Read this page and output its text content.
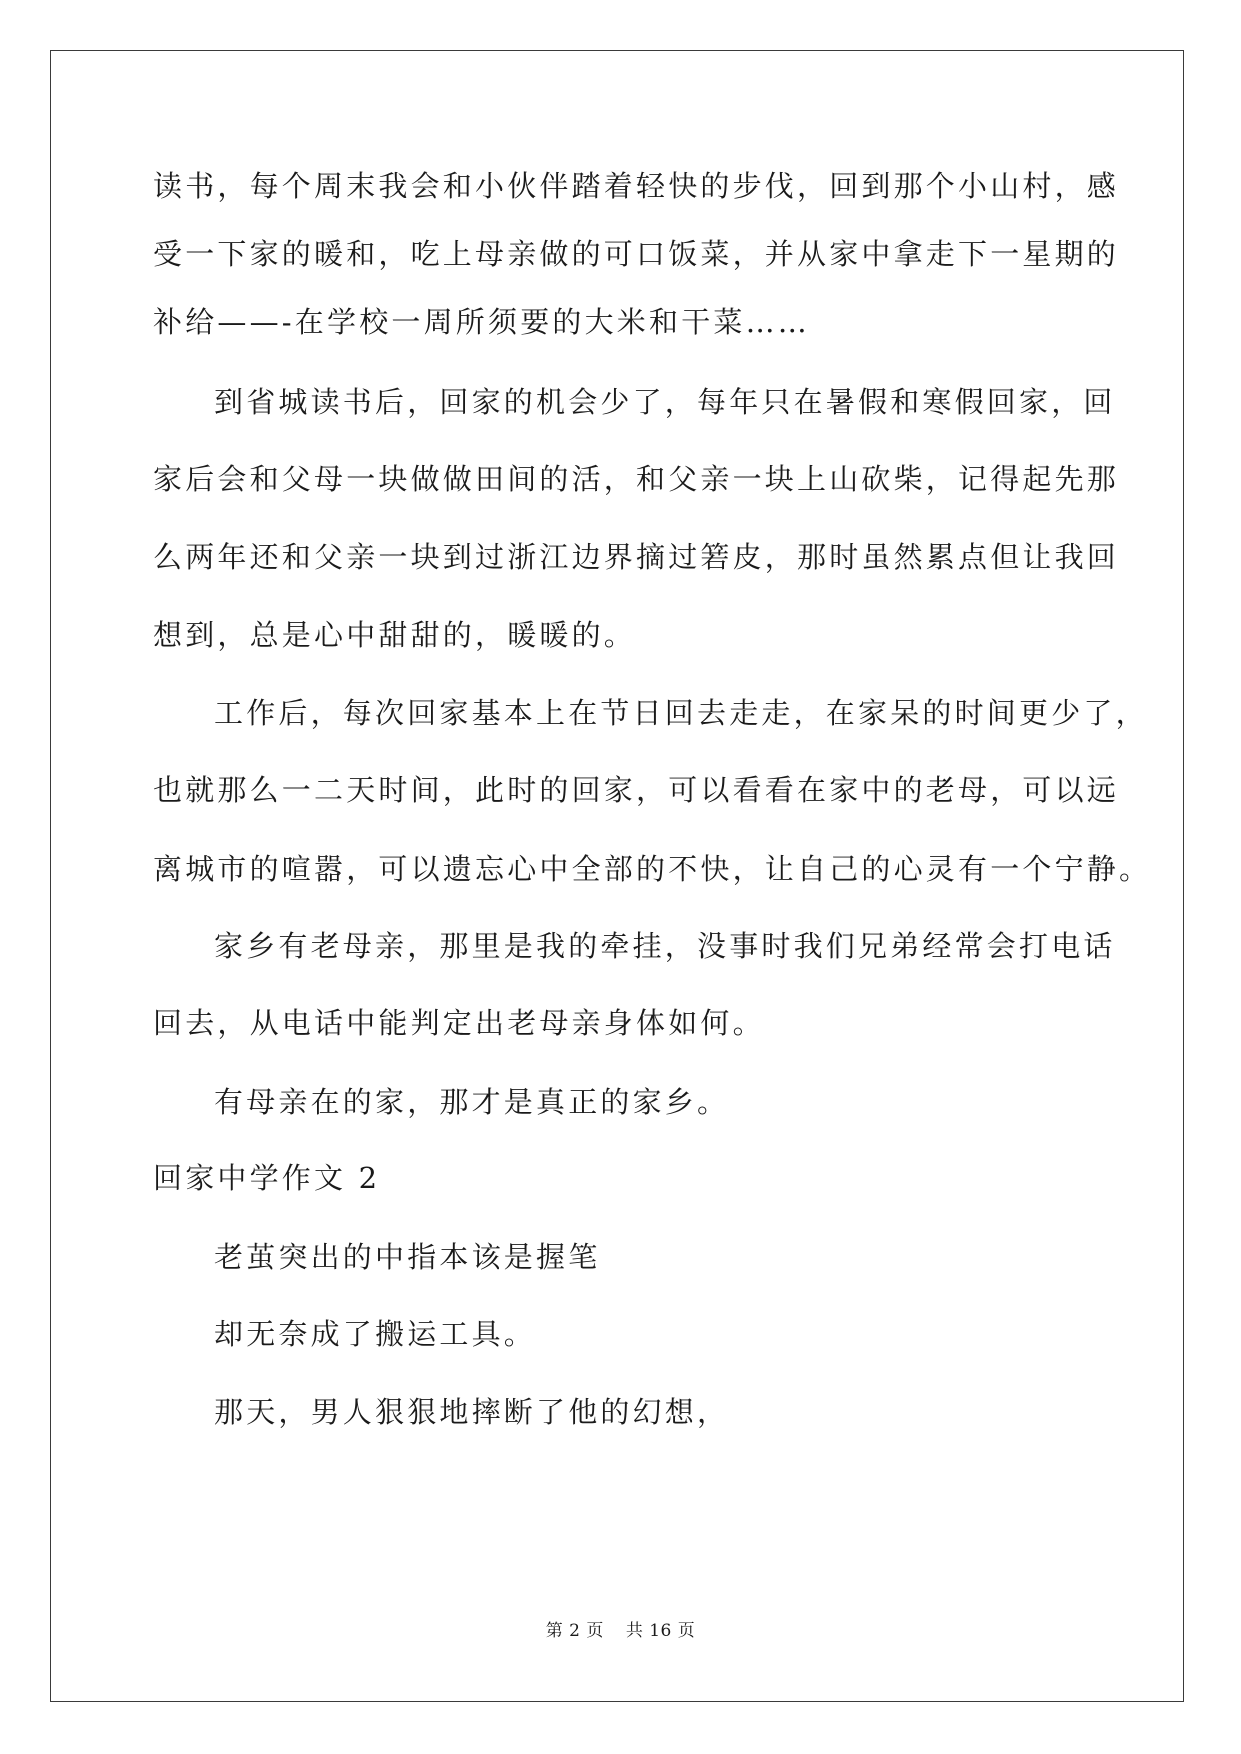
读书，每个周末我会和小伙伴踏着轻快的步伐，回到那个小山村，感
受一下家的暖和，吃上母亲做的可口饭菜，并从家中拿走下一星期的
补给——-在学校一周所须要的大米和干菜……
到省城读书后，回家的机会少了，每年只在暑假和寒假回家，回
家后会和父母一块做做田间的活，和父亲一块上山砍柴，记得起先那
么两年还和父亲一块到过浙江边界摘过箬皮，那时虽然累点但让我回
想到，总是心中甜甜的，暖暖的。
工作后，每次回家基本上在节日回去走走，在家呆的时间更少了，
也就那么一二天时间，此时的回家，可以看看在家中的老母，可以远
离城市的喧嚣，可以遗忘心中全部的不快，让自己的心灵有一个宁静。
家乡有老母亲，那里是我的牵挂，没事时我们兄弟经常会打电话
回去，从电话中能判定出老母亲身体如何。
有母亲在的家，那才是真正的家乡。
回家中学作文 2
老茧突出的中指本该是握笔
却无奈成了搬运工具。
那天，男人狠狠地摔断了他的幻想，
第 2 页 共 16 页
